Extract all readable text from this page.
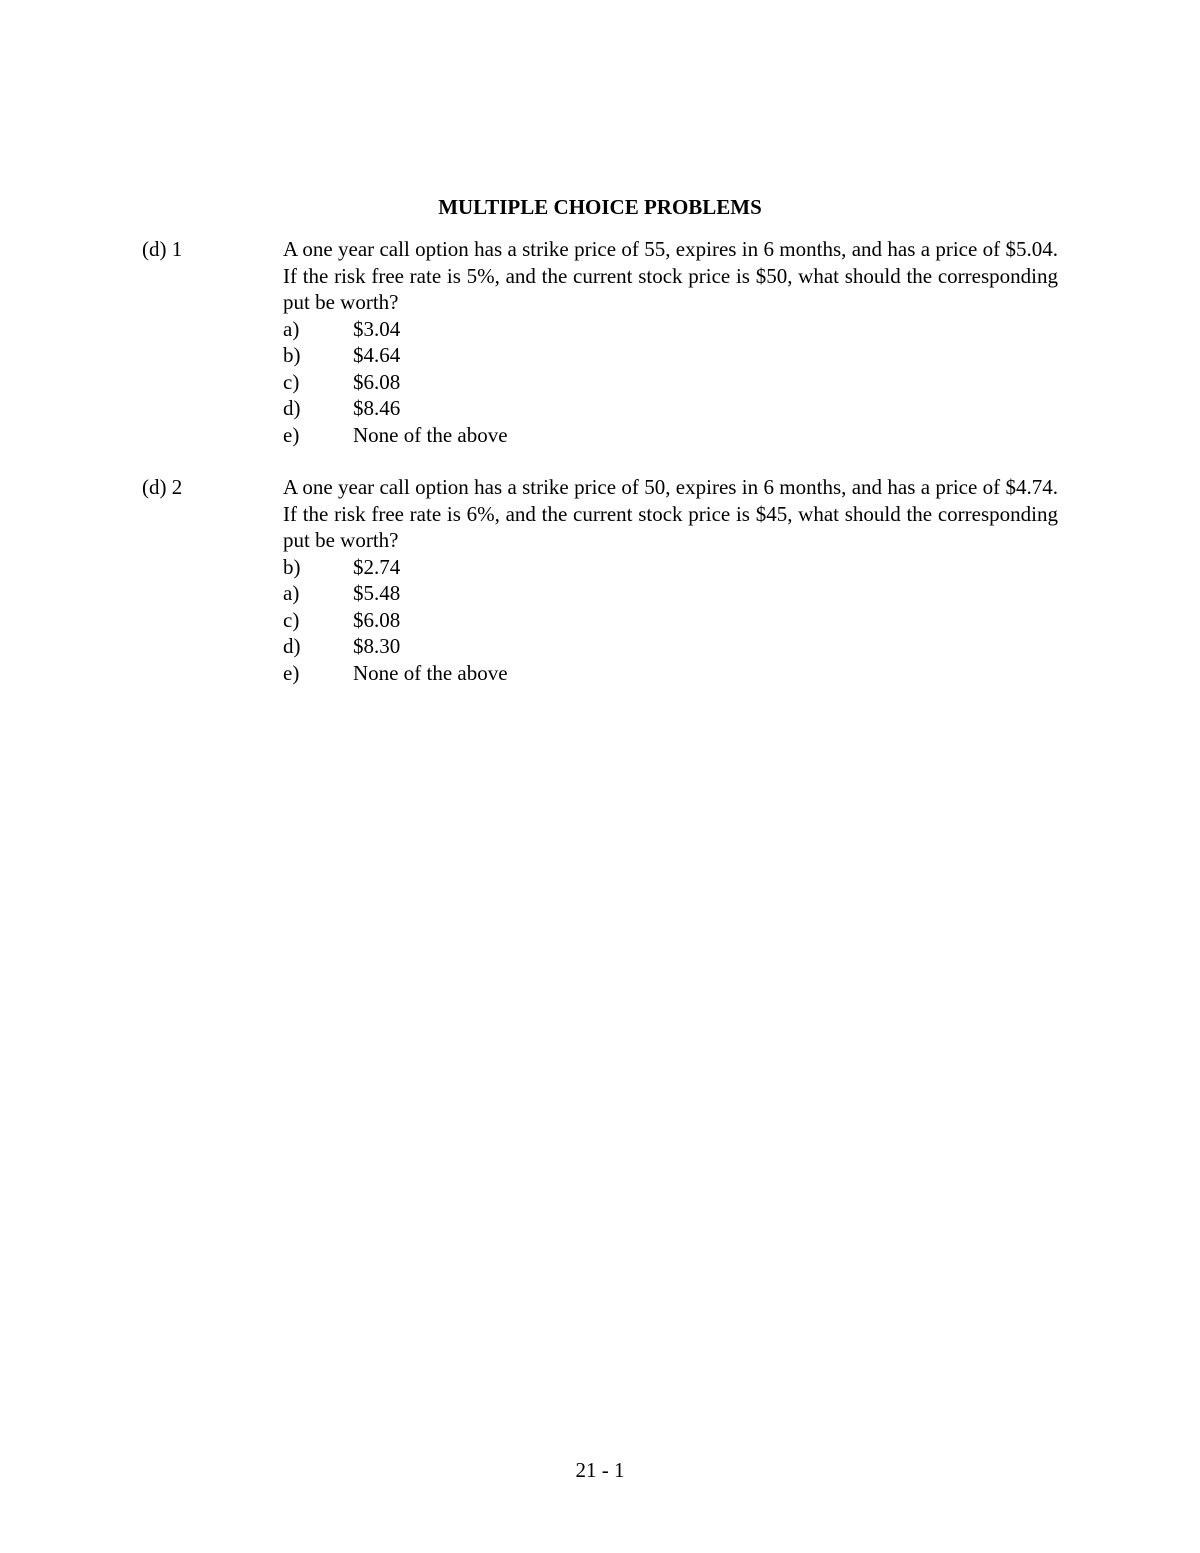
MULTIPLE CHOICE PROBLEMS
(d) 1	A one year call option has a strike price of 55, expires in 6 months, and has a price of $5.04. If the risk free rate is 5%, and the current stock price is $50, what should the corresponding put be worth?

a)	$3.04
b)	$4.64
c)	$6.08
d)	$8.46
e)	None of the above
(d) 2	A one year call option has a strike price of 50, expires in 6 months, and has a price of $4.74. If the risk free rate is 6%, and the current stock price is $45, what should the corresponding put be worth?

b)	$2.74
a)	$5.48
c)	$6.08
d)	$8.30
e)	None of the above
21 - 1
